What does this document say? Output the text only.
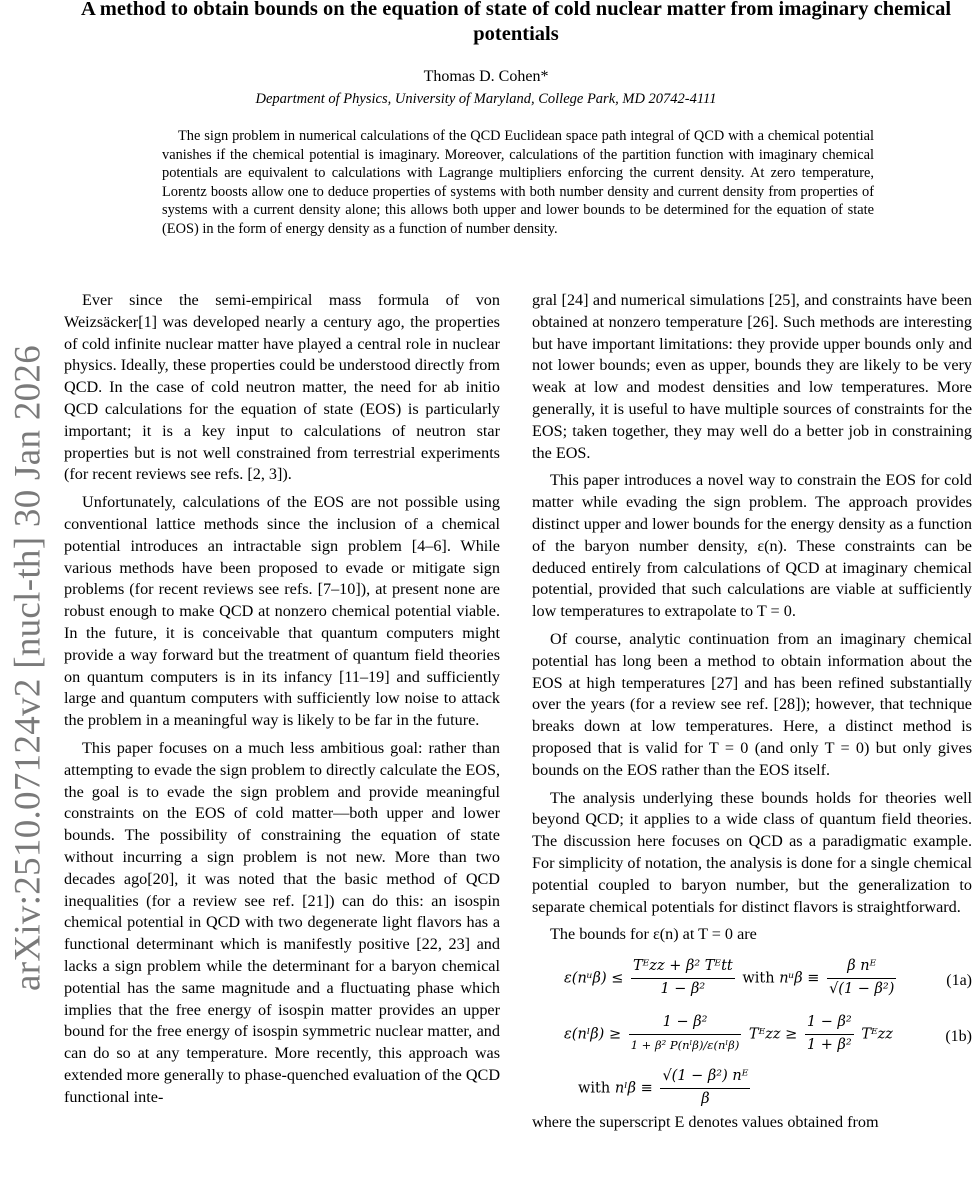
arXiv:2510.07124v2 [nucl-th] 30 Jan 2026
A method to obtain bounds on the equation of state of cold nuclear matter from imaginary chemical potentials
Thomas D. Cohen*
Department of Physics, University of Maryland, College Park, MD 20742-4111
The sign problem in numerical calculations of the QCD Euclidean space path integral of QCD with a chemical potential vanishes if the chemical potential is imaginary. Moreover, calculations of the partition function with imaginary chemical potentials are equivalent to calculations with Lagrange multipliers enforcing the current density. At zero temperature, Lorentz boosts allow one to deduce properties of systems with both number density and current density from properties of systems with a current density alone; this allows both upper and lower bounds to be determined for the equation of state (EOS) in the form of energy density as a function of number density.

Ever since the semi-empirical mass formula of von Weizsäcker[1] was developed nearly a century ago, the properties of cold infinite nuclear matter have played a central role in nuclear physics. Ideally, these properties could be understood directly from QCD. In the case of cold neutron matter, the need for ab initio QCD calculations for the equation of state (EOS) is particularly important; it is a key input to calculations of neutron star properties but is not well constrained from terrestrial experiments (for recent reviews see refs. [2, 3]).

Unfortunately, calculations of the EOS are not possible using conventional lattice methods since the inclusion of a chemical potential introduces an intractable sign problem [4–6]. While various methods have been proposed to evade or mitigate sign problems (for recent reviews see refs. [7–10]), at present none are robust enough to make QCD at nonzero chemical potential viable. In the future, it is conceivable that quantum computers might provide a way forward but the treatment of quantum field theories on quantum computers is in its infancy [11–19] and sufficiently large and quantum computers with sufficiently low noise to attack the problem in a meaningful way is likely to be far in the future.

This paper focuses on a much less ambitious goal: rather than attempting to evade the sign problem to directly calculate the EOS, the goal is to evade the sign problem and provide meaningful constraints on the EOS of cold matter—both upper and lower bounds. The possibility of constraining the equation of state without incurring a sign problem is not new. More than two decades ago[20], it was noted that the basic method of QCD inequalities (for a review see ref. [21]) can do this: an isospin chemical potential in QCD with two degenerate light flavors has a functional determinant which is manifestly positive [22, 23] and lacks a sign problem while the determinant for a baryon chemical potential has the same magnitude and a fluctuating phase which implies that the free energy of isospin matter provides an upper bound for the free energy of isospin symmetric nuclear matter, and can do so at any temperature. More recently, this approach was extended more generally to phase-quenched evaluation of the QCD functional inte-

gral [24] and numerical simulations [25], and constraints have been obtained at nonzero temperature [26]. Such methods are interesting but have important limitations: they provide upper bounds only and not lower bounds; even as upper, bounds they are likely to be very weak at low and modest densities and low temperatures. More generally, it is useful to have multiple sources of constraints for the EOS; taken together, they may well do a better job in constraining the EOS.

This paper introduces a novel way to constrain the EOS for cold matter while evading the sign problem. The approach provides distinct upper and lower bounds for the energy density as a function of the baryon number density, ε(n). These constraints can be deduced entirely from calculations of QCD at imaginary chemical potential, provided that such calculations are viable at sufficiently low temperatures to extrapolate to T = 0.

Of course, analytic continuation from an imaginary chemical potential has long been a method to obtain information about the EOS at high temperatures [27] and has been refined substantially over the years (for a review see ref. [28]); however, that technique breaks down at low temperatures. Here, a distinct method is proposed that is valid for T = 0 (and only T = 0) but only gives bounds on the EOS rather than the EOS itself.

The analysis underlying these bounds holds for theories well beyond QCD; it applies to a wide class of quantum field theories. The discussion here focuses on QCD as a paradigmatic example. For simplicity of notation, the analysis is done for a single chemical potential coupled to baryon number, but the generalization to separate chemical potentials for distinct flavors is straightforward.

The bounds for ε(n) at T = 0 are

ε(nᵘβ) ≤ $\frac{\text{Tᴱzz + β² Tᴱtt}}{\text{1 − β²}}$ with nᵘβ ≡ $\frac{\text{β nᴱ}}{\text{√(1 − β²)}}$	(1a)
ε(nˡβ) ≥ $\frac{\text{1 − β²}}{\text{1 + β² P(nˡβ)/ε(nˡβ)}}$ Tᴱzz ≥ $\frac{\text{1 − β²}}{\text{1 + β²}}$ Tᴱzz	(1b)
with nˡβ ≡ $\frac{\text{√(1 − β²) nᴱ}}{\beta}$

where the superscript E denotes values obtained from
